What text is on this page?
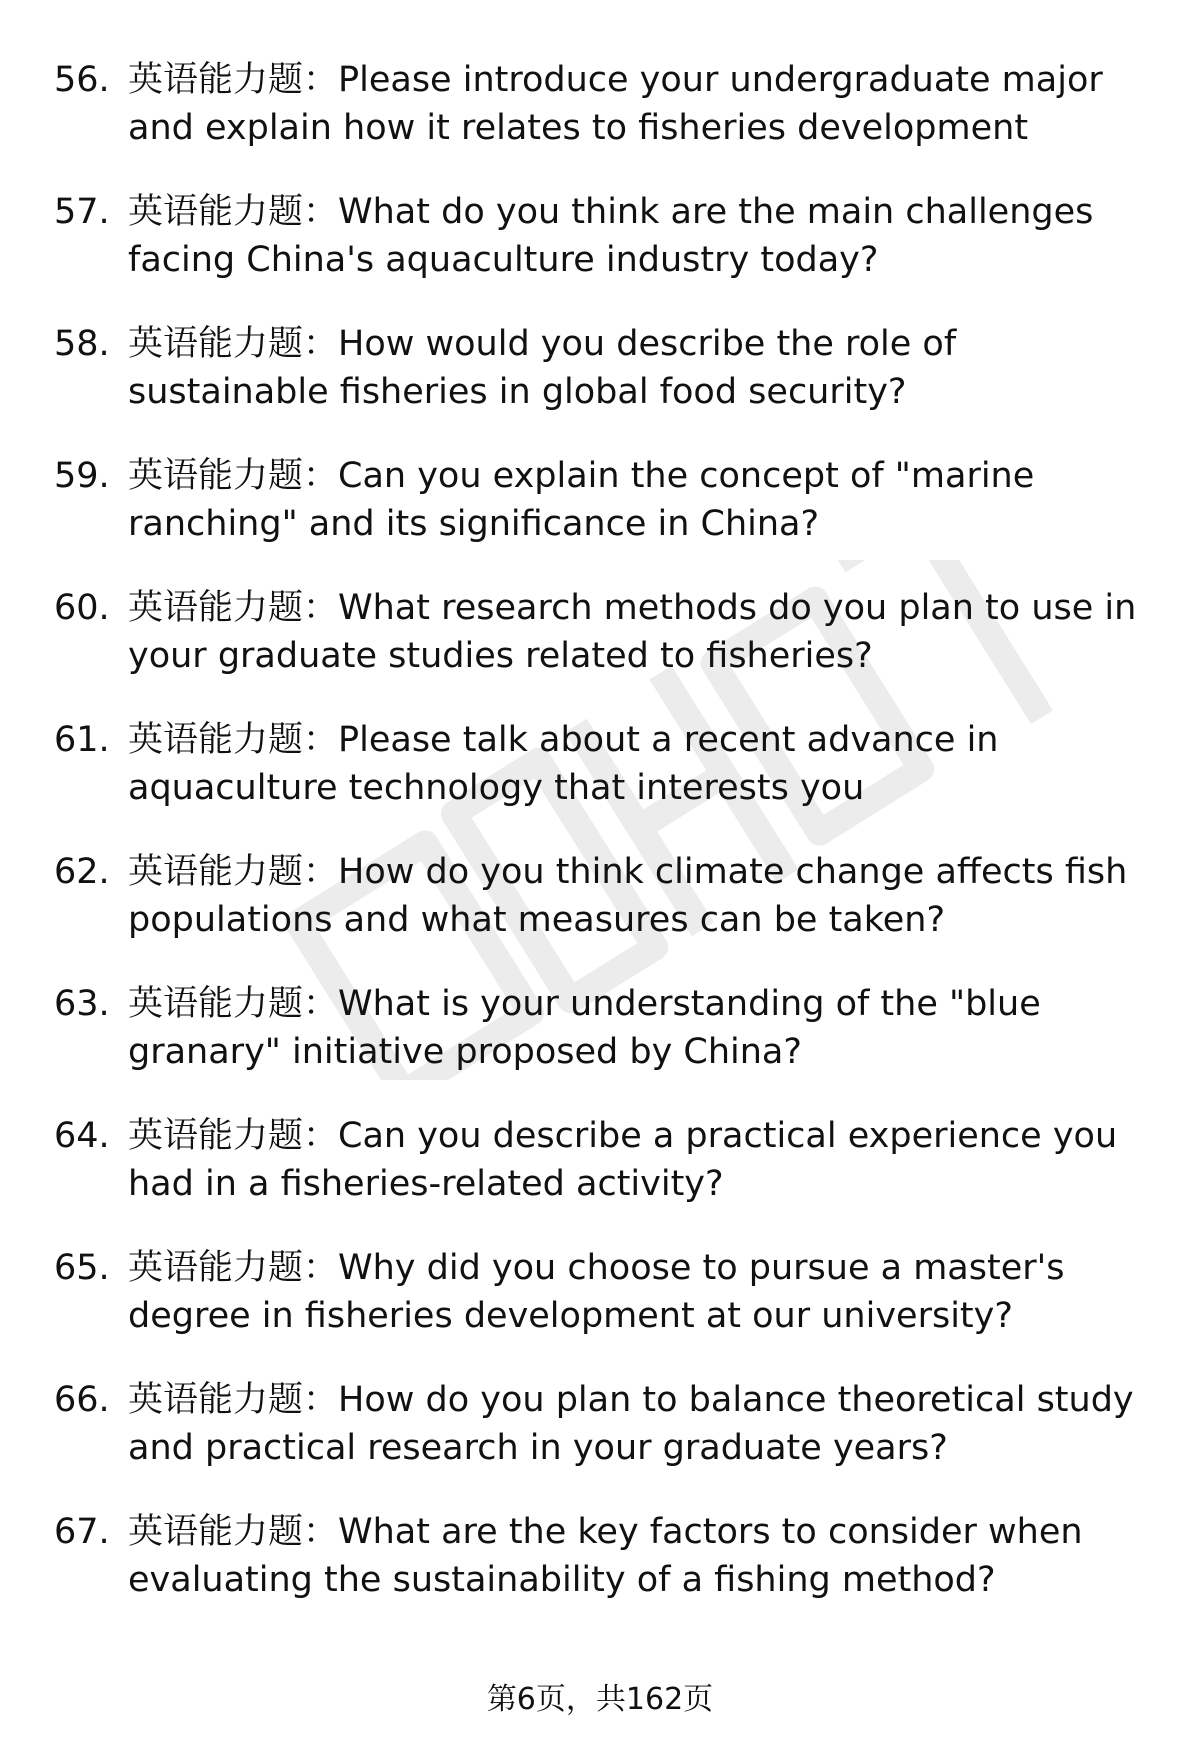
56. 英语能力题：Please introduce your undergraduate major and explain how it relates to fisheries development
57. 英语能力题：What do you think are the main challenges facing China's aquaculture industry today?
58. 英语能力题：How would you describe the role of sustainable fisheries in global food security?
59. 英语能力题：Can you explain the concept of "marine ranching" and its significance in China?
60. 英语能力题：What research methods do you plan to use in your graduate studies related to fisheries?
61. 英语能力题：Please talk about a recent advance in aquaculture technology that interests you
62. 英语能力题：How do you think climate change affects fish populations and what measures can be taken?
63. 英语能力题：What is your understanding of the "blue granary" initiative proposed by China?
64. 英语能力题：Can you describe a practical experience you had in a fisheries-related activity?
65. 英语能力题：Why did you choose to pursue a master's degree in fisheries development at our university?
66. 英语能力题：How do you plan to balance theoretical study and practical research in your graduate years?
67. 英语能力题：What are the key factors to consider when evaluating the sustainability of a fishing method?
第6页，共162页
